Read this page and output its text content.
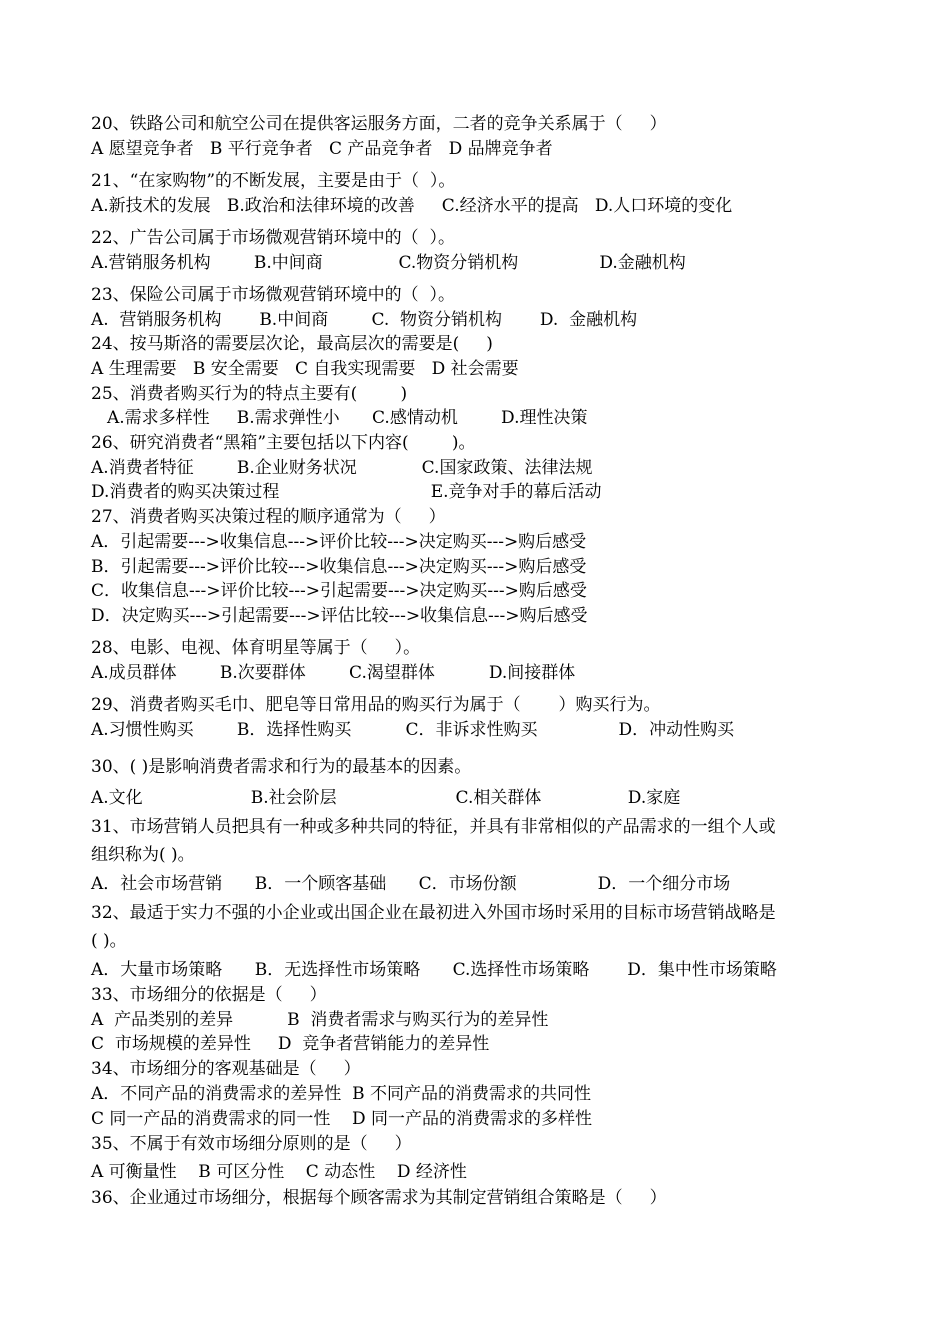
20、铁路公司和航空公司在提供客运服务方面，二者的竞争关系属于（     ）
A 愿望竞争者   B 平行竞争者   C 产品竞争者   D 品牌竞争者
21、“在家购物”的不断发展，主要是由于（  ）。
A.新技术的发展   B.政治和法律环境的改善     C.经济水平的提高   D.人口环境的变化
22、广告公司属于市场微观营销环境中的（  ）。
A.营销服务机构        B.中间商              C.物资分销机构               D.金融机构
23、保险公司属于市场微观营销环境中的（  ）。
A.  营销服务机构       B.中间商        C.  物资分销机构       D.  金融机构
24、按马斯洛的需要层次论，最高层次的需要是(     )
A 生理需要   B 安全需要   C 自我实现需要   D 社会需要
25、消费者购买行为的特点主要有(        )
A.需求多样性     B.需求弹性小      C.感情动机        D.理性决策
26、研究消费者“黑箱”主要包括以下内容(        )。
A.消费者特征        B.企业财务状况            C.国家政策、法律法规
D.消费者的购买决策过程                            E.竞争对手的幕后活动
27、消费者购买决策过程的顺序通常为（     ）
A．引起需要--->收集信息--->评价比较--->决定购买--->购后感受
B．引起需要--->评价比较--->收集信息--->决定购买--->购后感受
C．收集信息--->评价比较--->引起需要--->决定购买--->购后感受
D．决定购买--->引起需要--->评估比较--->收集信息--->购后感受
28、电影、电视、体育明星等属于（     ）。
A.成员群体        B.次要群体        C.渴望群体          D.间接群体
29、消费者购买毛巾、肥皂等日常用品的购买行为属于（       ）购买行为。
A.习惯性购买        B．选择性购买          C．非诉求性购买               D．冲动性购买
30、( )是影响消费者需求和行为的最基本的因素。
A.文化                    B.社会阶层                      C.相关群体                D.家庭
31、市场营销人员把具有一种或多种共同的特征，并具有非常相似的产品需求的一组个人或
组织称为( )。
A．社会市场营销      B．一个顾客基础      C．市场份额               D．一个细分市场
32、最适于实力不强的小企业或出国企业在最初进入外国市场时采用的目标市场营销战略是
( )。
A．大量市场策略      B．无选择性市场策略      C.选择性市场策略       D．集中性市场策略
33、市场细分的依据是（     ）
A  产品类别的差异          B  消费者需求与购买行为的差异性
C  市场规模的差异性     D  竞争者营销能力的差异性
34、市场细分的客观基础是（     ）
A．不同产品的消费需求的差异性  B 不同产品的消费需求的共同性
C 同一产品的消费需求的同一性    D 同一产品的消费需求的多样性
35、不属于有效市场细分原则的是（     ）
A 可衡量性    B 可区分性    C 动态性    D 经济性
36、企业通过市场细分，根据每个顾客需求为其制定营销组合策略是（     ）
